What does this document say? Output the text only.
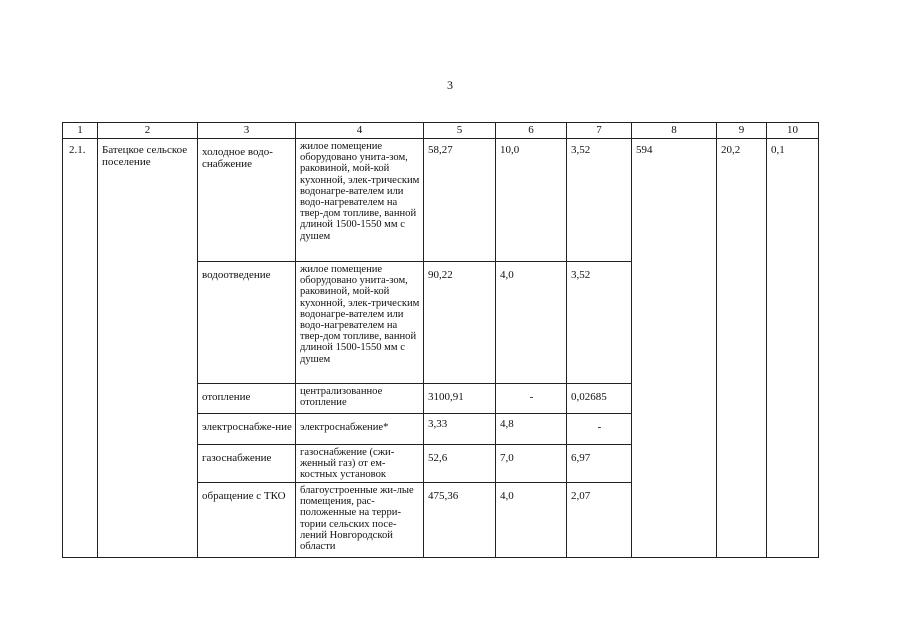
3
1	2	3	4	5	6	7	8	9	10
2.1.	Батецкое сельское поселение	холодное водо-снабжение	жилое помещение оборудовано унита-зом, раковиной, мой-кой кухонной, элек-трическим водонагре-вателем или водо-нагревателем на твер-дом топливе, ванной длиной 1500-1550 мм с душем	58,27	10,0	3,52	594	20,2	0,1
		водоотведение	жилое помещение оборудовано унита-зом, раковиной, мой-кой кухонной, элек-трическим водонагре-вателем или водо-нагревателем на твер-дом топливе, ванной длиной 1500-1550 мм с душем	90,22	4,0	3,52			
		отопление	централизованное отопление	3100,91	-	0,02685			
		электроснабже-ние	электроснабжение*	3,33	4,8	-			
		газоснабжение	газоснабжение (сжи-женный газ) от ем-костных установок	52,6	7,0	6,97			
		обращение с ТКО	благоустроенные жи-лые помещения, рас-положенные на терри-тории сельских посе-лений Новгородской области	475,36	4,0	2,07			
